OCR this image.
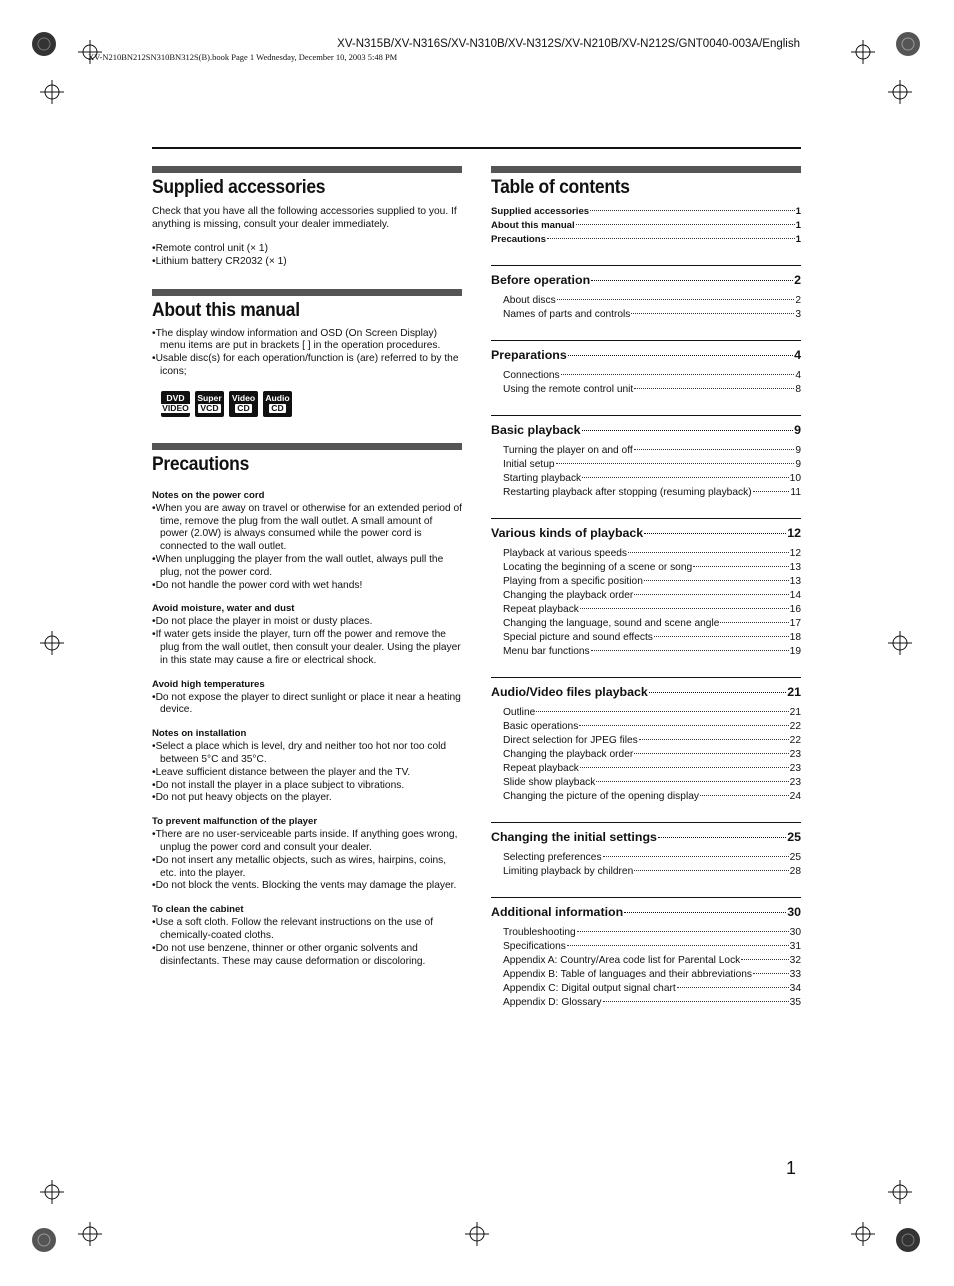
XV-N315B/XV-N316S/XV-N310B/XV-N312S/XV-N210B/XV-N212S/GNT0040-003A/English
XV-N210BN212SN310BN312S(B).book Page 1 Wednesday, December 10, 2003 5:48 PM
Supplied accessories

Check that you have all the following accessories supplied to you. If anything is missing, consult your dealer immediately.

• Remote control unit (× 1)
• Lithium battery CR2032 (× 1)
About this manual
• The display window information and OSD (On Screen Display) menu items are put in brackets [ ] in the operation procedures.
• Usable disc(s) for each operation/function is (are) referred to by the icons;
DVD
VIDEO
Super
VCD
Video
CD
Audio
CD
Precautions
Notes on the power cord
• When you are away on travel or otherwise for an extended period of time, remove the plug from the wall outlet. A small amount of power (2.0W) is always consumed while the power cord is connected to the wall outlet.
• When unplugging the player from the wall outlet, always pull the plug, not the power cord.
• Do not handle the power cord with wet hands!
Avoid moisture, water and dust
• Do not place the player in moist or dusty places.
• If water gets inside the player, turn off the power and remove the plug from the wall outlet, then consult your dealer. Using the player in this state may cause a fire or electrical shock.
Avoid high temperatures
• Do not expose the player to direct sunlight or place it near a heating device.
Notes on installation
• Select a place which is level, dry and neither too hot nor too cold between 5°C and 35°C.
• Leave sufficient distance between the player and the TV.
• Do not install the player in a place subject to vibrations.
• Do not put heavy objects on the player.
To prevent malfunction of the player
• There are no user-serviceable parts inside. If anything goes wrong, unplug the power cord and consult your dealer.
• Do not insert any metallic objects, such as wires, hairpins, coins, etc. into the player.
• Do not block the vents. Blocking the vents may damage the player.
To clean the cabinet
• Use a soft cloth. Follow the relevant instructions on the use of chemically-coated cloths.
• Do not use benzene, thinner or other organic solvents and disinfectants. These may cause deformation or discoloring.
Table of contents
Supplied accessories	1
About this manual	1
Precautions	1
Before operation	2
About discs	2
Names of parts and controls	3
Preparations	4
Connections	4
Using the remote control unit	8
Basic playback	9
Turning the player on and off	9
Initial setup	9
Starting playback	10
Restarting playback after stopping (resuming playback)	11
Various kinds of playback	12
Playback at various speeds	12
Locating the beginning of a scene or song	13
Playing from a specific position	13
Changing the playback order	14
Repeat playback	16
Changing the language, sound and scene angle	17
Special picture and sound effects	18
Menu bar functions	19
Audio/Video files playback	21
Outline	21
Basic operations	22
Direct selection for JPEG files	22
Changing the playback order	23
Repeat playback	23
Slide show playback	23
Changing the picture of the opening display	24
Changing the initial settings	25
Selecting preferences	25
Limiting playback by children	28
Additional information	30
Troubleshooting	30
Specifications	31
Appendix A: Country/Area code list for Parental Lock	32
Appendix B: Table of languages and their abbreviations	33
Appendix C: Digital output signal chart	34
Appendix D: Glossary	35
1
